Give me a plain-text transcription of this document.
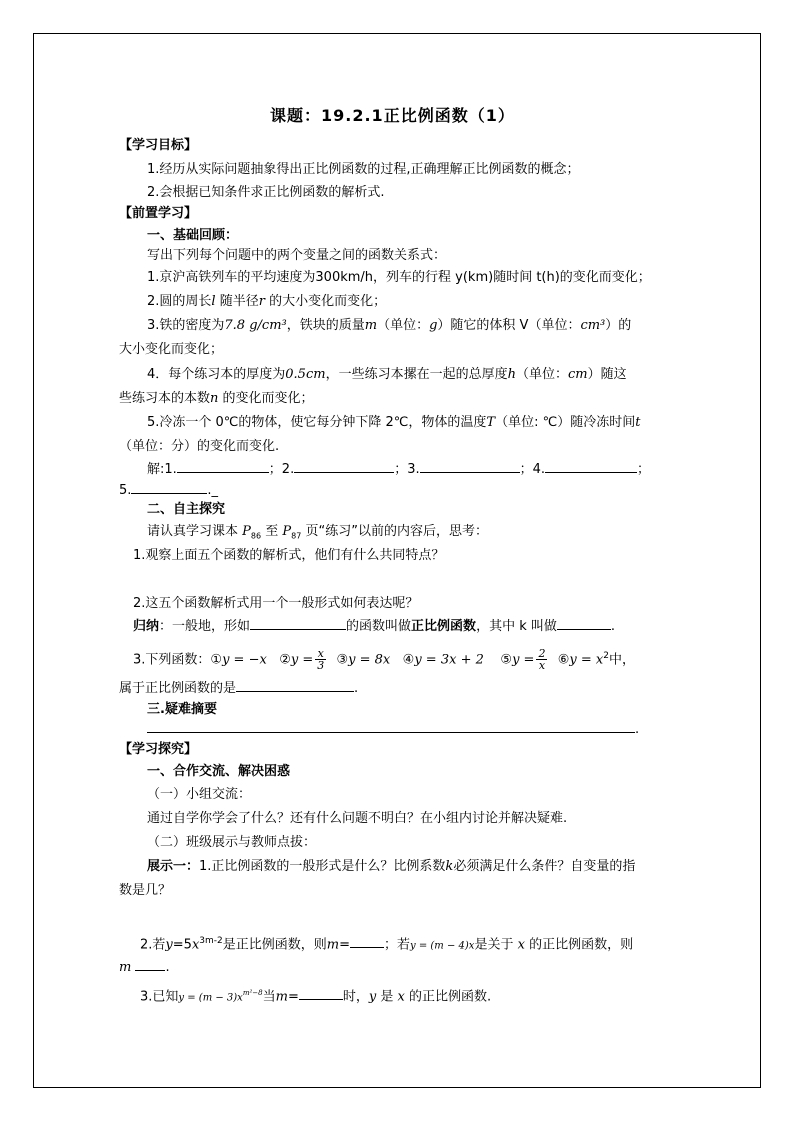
课题：19.2.1正比例函数（1）
【学习目标】
1.经历从实际问题抽象得出正比例函数的过程,正确理解正比例函数的概念；
2.会根据已知条件求正比例函数的解析式.
【前置学习】
一、基础回顾：
写出下列每个问题中的两个变量之间的函数关系式：
1.京沪高铁列车的平均速度为300km/h，列车的行程 y(km)随时间 t(h)的变化而变化；
2.圆的周长l 随半径r 的大小变化而变化；
3.铁的密度为7.8 g/cm³，铁块的质量m（单位：g）随它的体积 V（单位：cm³）的
大小变化而变化；
4．每个练习本的厚度为0.5cm，一些练习本摞在一起的总厚度h（单位：cm）随这
些练习本的本数n 的变化而变化；
5.冷冻一个 0℃的物体，使它每分钟下降 2℃，物体的温度T（单位: ℃）随冷冻时间t
（单位：分）的变化而变化.
解:1.	；2.	；3.	；4.	；
5.	._
二、自主探究
请认真学习课本 $P_{86}$ 至 $P_{87}$ 页“练习”以前的内容后，思考：
1.观察上面五个函数的解析式，他们有什么共同特点？
2.这五个函数解析式用一个一般形式如何表达呢？
归纳：一般地，形如	的函数叫做正比例函数，其中 k 叫做	.
3.下列函数：①y = −x ②y = $\frac{x}{3}$ ③y = 8x ④y = 3x + 2 ⑤y = $\frac{2}{x}$ ⑥y = $x^2$中，
属于正比例函数的是	.
三.疑难摘要
.
【学习探究】
一、合作交流、解决困惑
（一）小组交流：
通过自学你学会了什么？还有什么问题不明白？在小组内讨论并解决疑难.
（二）班级展示与教师点拔：
展示一：1.正比例函数的一般形式是什么？比例系数k必须满足什么条件？自变量的指
数是几？
2.若$y=5x^{3m-2}$是正比例函数，则m=	；若y = (m − 4)x是关于 x 的正比例函数，则
m	.
3.已知$y = (m - 3)x^{m^2-8}$当m=	时，y 是 x 的正比例函数.
